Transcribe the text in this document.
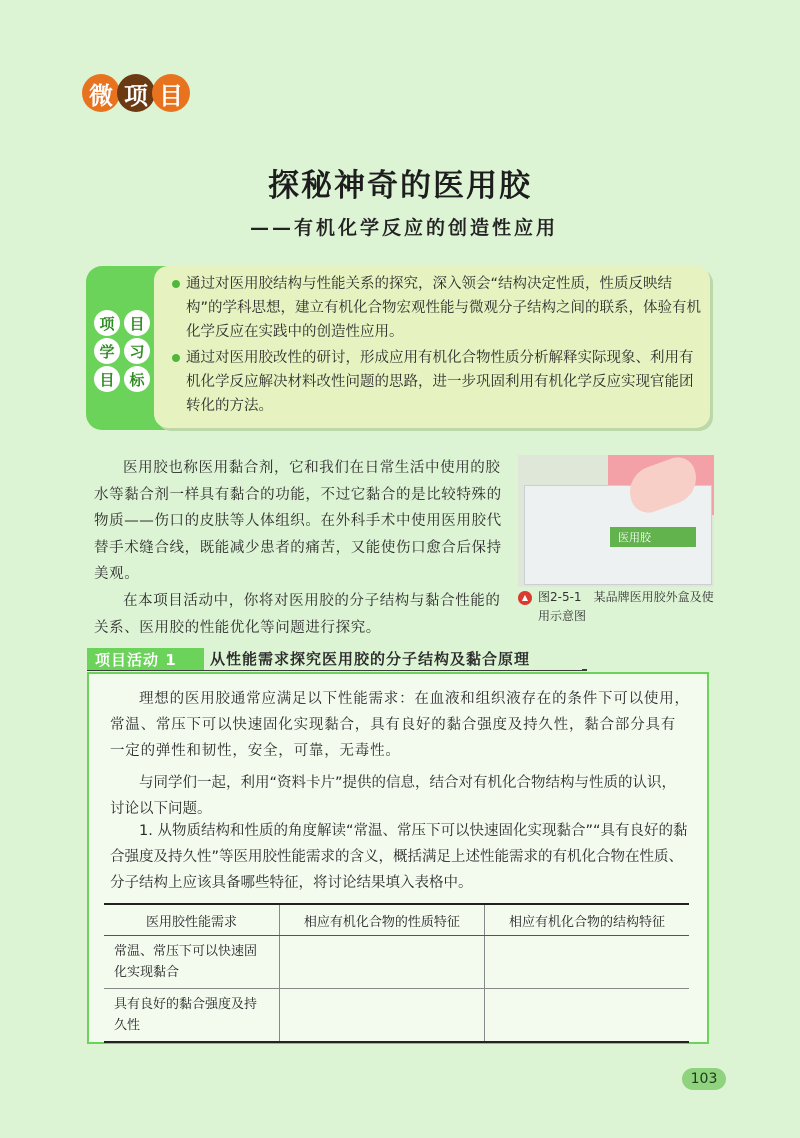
微 项 目
探秘神奇的医用胶
——有机化学反应的创造性应用
项 目
学 习
目 标
通过对医用胶结构与性能关系的探究，深入领会“结构决定性质，性质反映结构”的学科思想，建立有机化合物宏观性能与微观分子结构之间的联系，体验有机化学反应在实践中的创造性应用。
通过对医用胶改性的研讨，形成应用有机化合物性质分析解释实际现象、利用有机化学反应解决材料改性问题的思路，进一步巩固利用有机化学反应实现官能团转化的方法。
医用胶也称医用黏合剂，它和我们在日常生活中使用的胶水等黏合剂一样具有黏合的功能，不过它黏合的是比较特殊的物质——伤口的皮肤等人体组织。在外科手术中使用医用胶代替手术缝合线，既能减少患者的痛苦，又能使伤口愈合后保持美观。
在本项目活动中，你将对医用胶的分子结构与黏合性能的关系、医用胶的性能优化等问题进行探究。
医用胶
▲ 图2-5-1　某品牌医用胶外盒及使用示意图
项目活动 1	从性能需求探究医用胶的分子结构及黏合原理
理想的医用胶通常应满足以下性能需求：在血液和组织液存在的条件下可以使用，常温、常压下可以快速固化实现黏合，具有良好的黏合强度及持久性，黏合部分具有一定的弹性和韧性，安全，可靠，无毒性。
与同学们一起，利用“资料卡片”提供的信息，结合对有机化合物结构与性质的认识，讨论以下问题。
1. 从物质结构和性质的角度解读“常温、常压下可以快速固化实现黏合”“具有良好的黏合强度及持久性”等医用胶性能需求的含义，概括满足上述性能需求的有机化合物在性质、分子结构上应该具备哪些特征，将讨论结果填入表格中。
医用胶性能需求	相应有机化合物的性质特征	相应有机化合物的结构特征
常温、常压下可以快速固化实现黏合		
具有良好的黏合强度及持久性		
103
